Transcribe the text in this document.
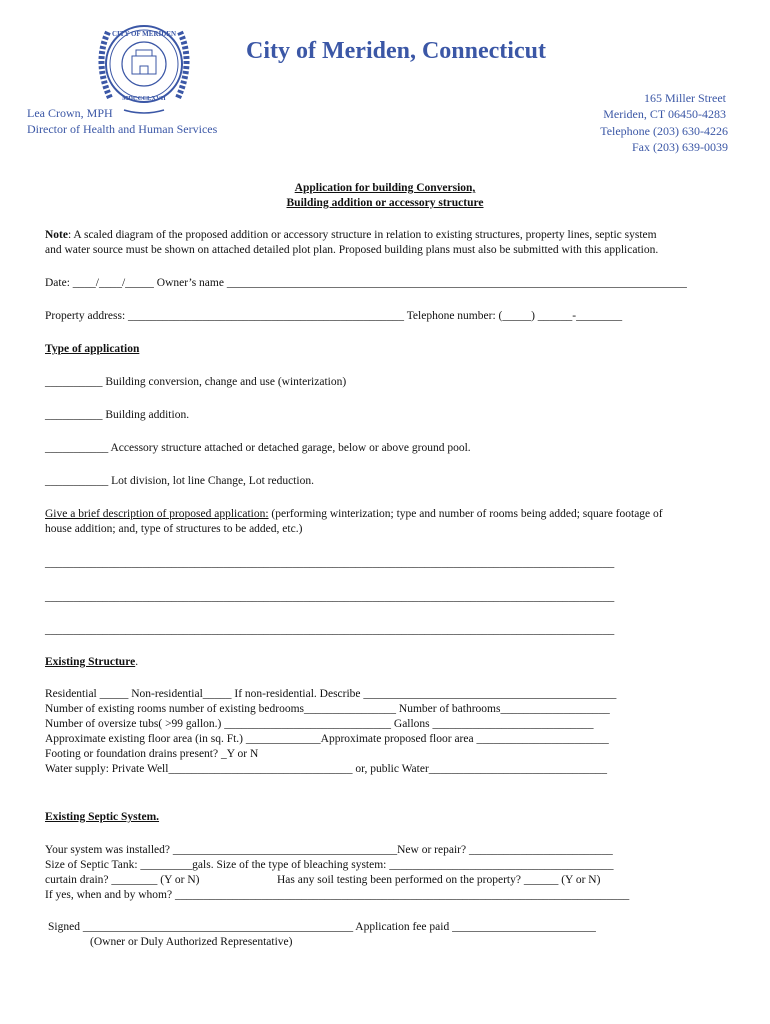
CITY OF MERIDEN
MDCCCLXVII
City of Meriden, Connecticut
Lea Crown, MPH
Director of Health and Human Services
165 Miller Street
Meriden, CT 06450-4283
Telephone (203) 630-4226
Fax (203) 639-0039
Application for building Conversion,
Building addition or accessory structure
Note: A scaled diagram of the proposed addition or accessory structure in relation to existing structures, property lines, septic system
and water source must be shown on attached detailed plot plan. Proposed building plans must also be submitted with this application.
Date: ____/____/_____ Owner’s name ________________________________________________________________________________
Property address: ________________________________________________ Telephone number: (_____) ______-________
Type of application
__________ Building conversion, change and use (winterization)
__________ Building addition.
___________ Accessory structure attached or detached garage, below or above ground pool.
___________ Lot division, lot line Change, Lot reduction.
Give a brief description of proposed application: (performing winterization; type and number of rooms being added; square footage of
house addition; and, type of structures to be added, etc.)
___________________________________________________________________________________________________
___________________________________________________________________________________________________
___________________________________________________________________________________________________
Existing Structure.
Residential _____ Non-residential_____ If non-residential. Describe ____________________________________________
Number of existing rooms number of existing bedrooms________________ Number of bathrooms___________________
Number of oversize tubs( >99 gallon.) _____________________________ Gallons ____________________________
Approximate existing floor area (in sq. Ft.) _____________Approximate proposed floor area _______________________
Footing or foundation drains present? _Y or N
Water supply: Private Well________________________________ or, public Water_______________________________
Existing Septic System.
Your system was installed? _______________________________________New or repair? _________________________
Size of Septic Tank: _________gals. Size of the type of bleaching system: _______________________________________
curtain drain? ________ (Y or N)	Has any soil testing been performed on the property? ______ (Y or N)
If yes, when and by whom? _______________________________________________________________________________
Signed _______________________________________________ Application fee paid _________________________
(Owner or Duly Authorized Representative)
